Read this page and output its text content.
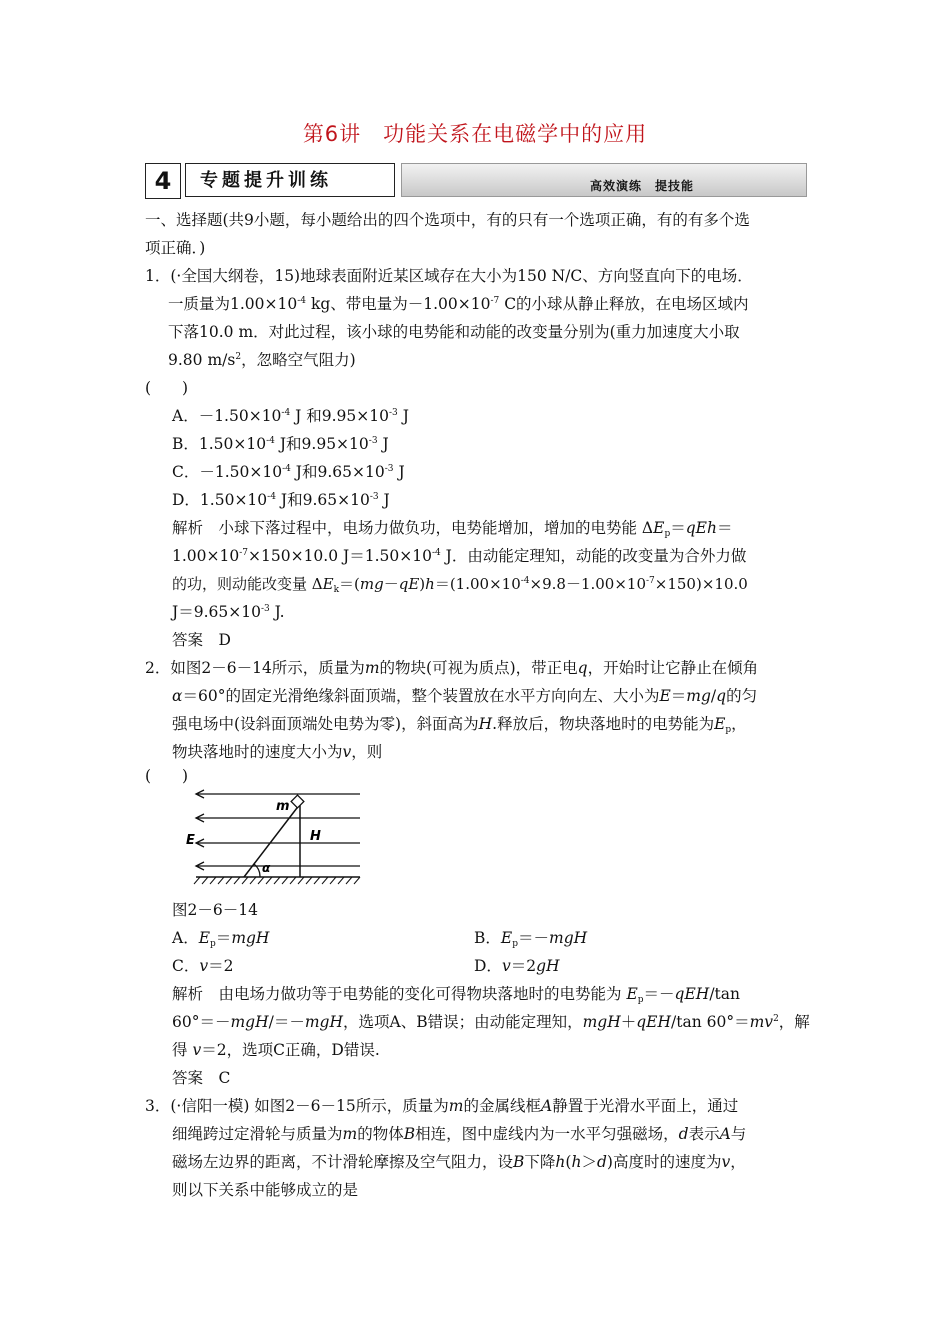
第6讲　功能关系在电磁学中的应用
4	专题提升训练	高效演练　提技能
一、选择题(共9小题，每小题给出的四个选项中，有的只有一个选项正确，有的有多个选
项正确．)
1．(·全国大纲卷，15)地球表面附近某区域存在大小为150 N/C、方向竖直向下的电场．
一质量为$1.00\times 10^{-4}$ kg、带电量为$-1.00\times 10^{-7}$ C的小球从静止释放，在电场区域内
下落10.0 m．对此过程，该小球的电势能和动能的改变量分别为(重力加速度大小取
9.80 $m/s^2$，忽略空气阻力)
(　　)
A．$-1.50\times 10^{-4}$ J 和$9.95\times 10^{-3}$ J
B．$1.50\times 10^{-4}$ J和$9.95\times 10^{-3}$ J
C．$-1.50\times 10^{-4}$ J和$9.65\times 10^{-3}$ J
D．$1.50\times 10^{-4}$ J和$9.65\times 10^{-3}$ J
解析　小球下落过程中，电场力做负功，电势能增加，增加的电势能 $\Delta E_p=qEh=$
$1.00\times 10^{-7}\times 150\times 10.0$ $J=1.50\times 10^{-4}$ J．由动能定理知，动能的改变量为合外力做
的功，则动能改变量 $\Delta E_k=(mg-qE)h=(1.00\times 10^{-4}\times 9.8-1.00\times 10^{-7}\times 150)\times 10.0$
$J=9.65\times 10^{-3}$ J.
答案　D
2．如图2－6－14所示，质量为m的物块(可视为质点)，带正电q，开始时让它静止在倾角
α＝60°的固定光滑绝缘斜面顶端，整个装置放在水平方向向左、大小为E＝mg/q的匀
强电场中(设斜面顶端处电势为零)，斜面高为H.释放后，物块落地时的电势能为$E_p$，
物块落地时的速度大小为v，则
(　　)
m
H
E
α
图2－6－14
A．$E_p=mgH$	B．$E_p=-mgH$
C．v＝2	D．v＝2gH
解析　由电场力做功等于电势能的变化可得物块落地时的电势能为 $E_p=-qEH/\tan$
60°＝－mgH/＝－mgH，选项A、B错误；由动能定理知，mgH＋qEH/tan $60^\circ=mv^2$，解
得 v＝2，选项C正确，D错误.
答案　C
3．(·信阳一模) 如图2－6－15所示，质量为m的金属线框A静置于光滑水平面上，通过
细绳跨过定滑轮与质量为m的物体B相连，图中虚线内为一水平匀强磁场，d表示A与
磁场左边界的距离，不计滑轮摩擦及空气阻力，设B下降h(h＞d)高度时的速度为v，
则以下关系中能够成立的是
